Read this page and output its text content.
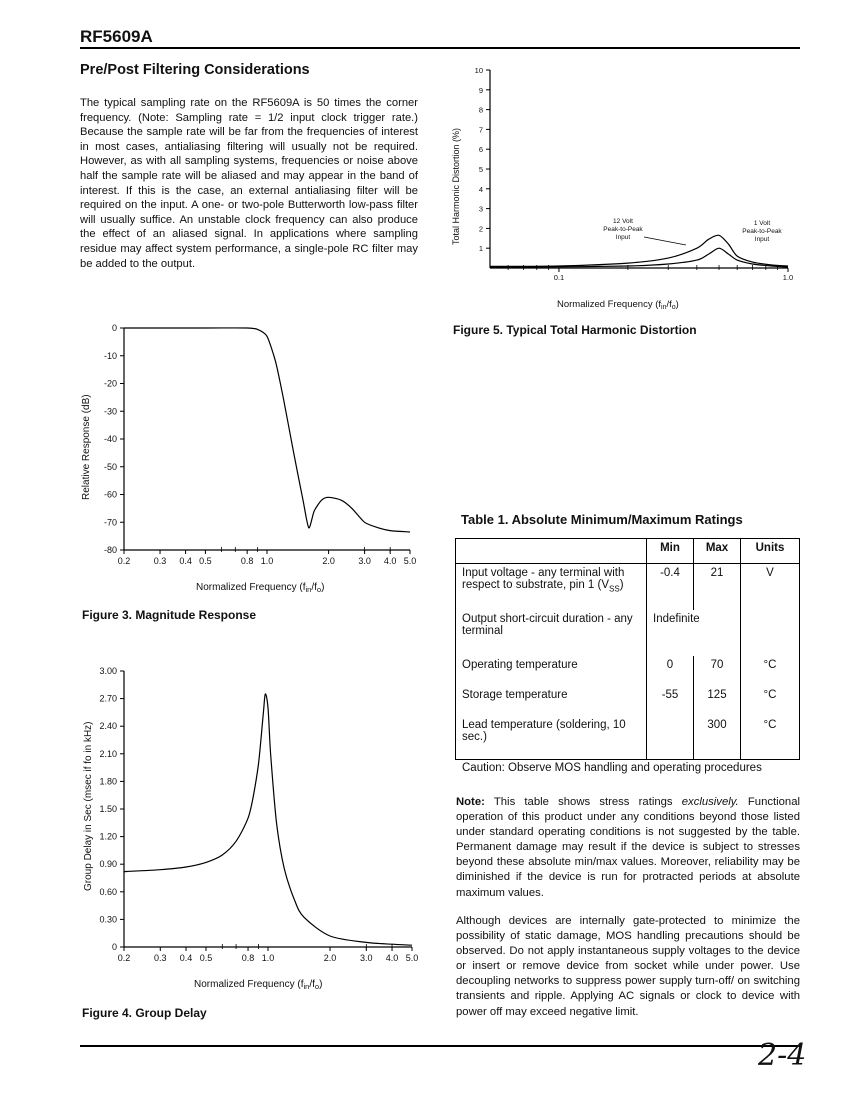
RF5609A
Pre/Post Filtering Considerations
The typical sampling rate on the RF5609A is 50 times the corner frequency. (Note: Sampling rate = 1/2 input clock trigger rate.) Because the sample rate will be far from the frequencies of interest in most cases, antialiasing filtering will usually not be required. However, as with all sampling systems, frequencies or noise above half the sample rate will be aliased and may appear in the band of interest. If this is the case, an external antialiasing filter will be required on the input. A one- or two-pole Butterworth low-pass filter will usually suffice. An unstable clock frequency can also produce the effect of an aliased signal. In applications where sampling residue may affect system performance, a single-pole RC filter may be added to the output.
1
2
3
4
5
6
7
8
9
10
0.1	1.0
Total Harmonic Distortion (%)
Normalized Frequency $(f_{in}/f_o)$
12 Volt
Peak-to-Peak
Input
1 Volt
Peak-to-Peak
Input
Figure 5. Typical Total Harmonic Distortion
0
-10
-20
-30
-40
-50
-60
-70
-80
0.2	0.3 0.4 0.5	0.8 1.0	2.0	3.0 4.0 5.0
Relative Response (dB)
Normalized Frequency $(f_{in}/f_o)$
Figure 3. Magnitude Response
0
0.30
0.60
0.90
1.20
1.50
1.80
2.10
2.40
2.70
3.00
0.2	0.3 0.4 0.5	0.8 1.0	2.0	3.0 4.0 5.0
Group Delay in Sec (msec if fo in kHz)
Normalized Frequency $(f_{in}/f_o)$
Figure 4. Group Delay
Table 1. Absolute Minimum/Maximum Ratings
	Min	Max	Units
Input voltage - any terminal with respect to substrate, pin 1 $(V_{SS})$	-0.4	21	V
Output short-circuit duration - any terminal	Indefinite		
Operating temperature	0	70	°C
Storage temperature	-55	125	°C
Lead temperature (soldering, 10 sec.)		300	°C
Caution: Observe MOS handling and operating procedures
Note: This table shows stress ratings exclusively. Functional operation of this product under any conditions beyond those listed under standard operating conditions is not suggested by the table. Permanent damage may result if the device is subject to stresses beyond these absolute min/max values. Moreover, reliability may be diminished if the device is run for protracted periods at absolute maximum values.
Although devices are internally gate-protected to minimize the possibility of static damage, MOS handling precautions should be observed. Do not apply instantaneous supply voltages to the device or insert or remove device from socket while under power. Use decoupling networks to suppress power supply turn-off/ on switching transients and ripple. Applying AC signals or clock to device with power off may exceed negative limit.
2-4
